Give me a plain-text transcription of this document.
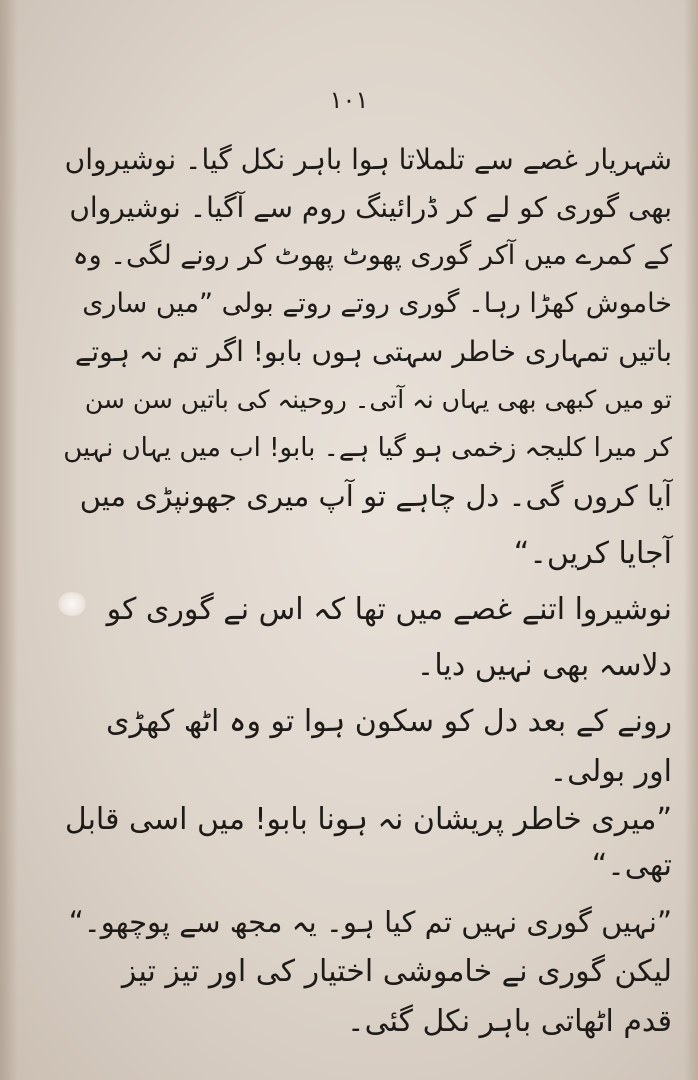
۱۰۱
شہریار غصے سے تلملاتا ہوا باہر نکل گیا۔ نوشیرواں
بھی گوری کو لے کر ڈرائینگ روم سے آگیا۔ نوشیرواں
کے کمرے میں آکر گوری پھوٹ پھوٹ کر رونے لگی۔ وہ
خاموش کھڑا رہا۔ گوری روتے روتے بولی ”میں ساری
باتیں تمہاری خاطر سہتی ہوں بابو! اگر تم نہ ہوتے
تو میں کبھی بھی یہاں نہ آتی۔ روحینہ کی باتیں سن سن
کر میرا کلیجہ زخمی ہو گیا ہے۔ بابو! اب میں یہاں نہیں
آیا کروں گی۔ دل چاہے تو آپ میری جھونپڑی میں
آجایا کریں۔“
نوشیروا اتنے غصے میں تھا کہ اس نے گوری کو
دلاسہ بھی نہیں دیا۔
رونے کے بعد دل کو سکون ہوا تو وہ اٹھ کھڑی
اور بولی۔
”میری خاطر پریشان نہ ہونا بابو! میں اسی قابل
تھی۔“
”نہیں گوری نہیں تم کیا ہو۔ یہ مجھ سے پوچھو۔“
لیکن گوری نے خاموشی اختیار کی اور تیز تیز
قدم اٹھاتی باہر نکل گئی۔
